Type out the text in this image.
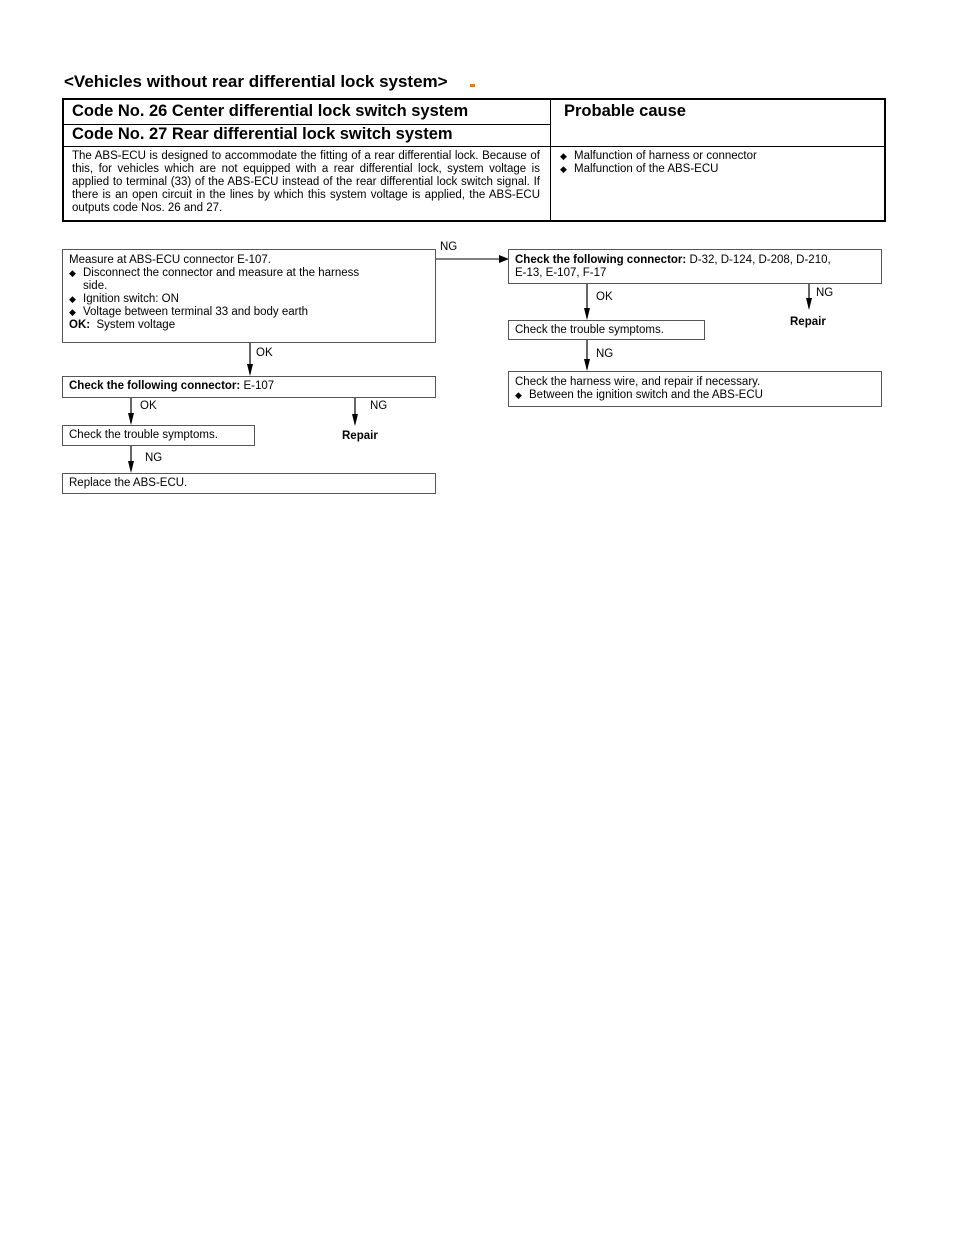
<Vehicles without rear differential lock system>
Code No. 26 Center differential lock switch system
Code No. 27 Rear differential lock switch system
Probable cause
The ABS-ECU is designed to accommodate the fitting of a rear differential lock. Because of this, for vehicles which are not equipped with a rear differential lock, system voltage is applied to terminal (33) of the ABS-ECU instead of the rear differential lock switch signal. If there is an open circuit in the lines by which this system voltage is applied, the ABS-ECU outputs code Nos. 26 and 27.
◆ Malfunction of harness or connector
◆ Malfunction of the ABS-ECU
Measure at ABS-ECU connector E-107.

◆ Disconnect the connector and measure at the harness
side.
◆ Ignition switch: ON
◆ Voltage between terminal 33 and body earth
OK: System voltage
Check the following connector: D-32, D-124, D-208, D-210,
E-13, E-107, F-17
Check the following connector: E-107
Check the trouble symptoms.
Replace the ABS-ECU.
Check the trouble symptoms.
Check the harness wire, and repair if necessary.

◆ Between the ignition switch and the ABS-ECU
NG
OK
OK	NG
Repair
NG
OK	NG
Repair
NG
